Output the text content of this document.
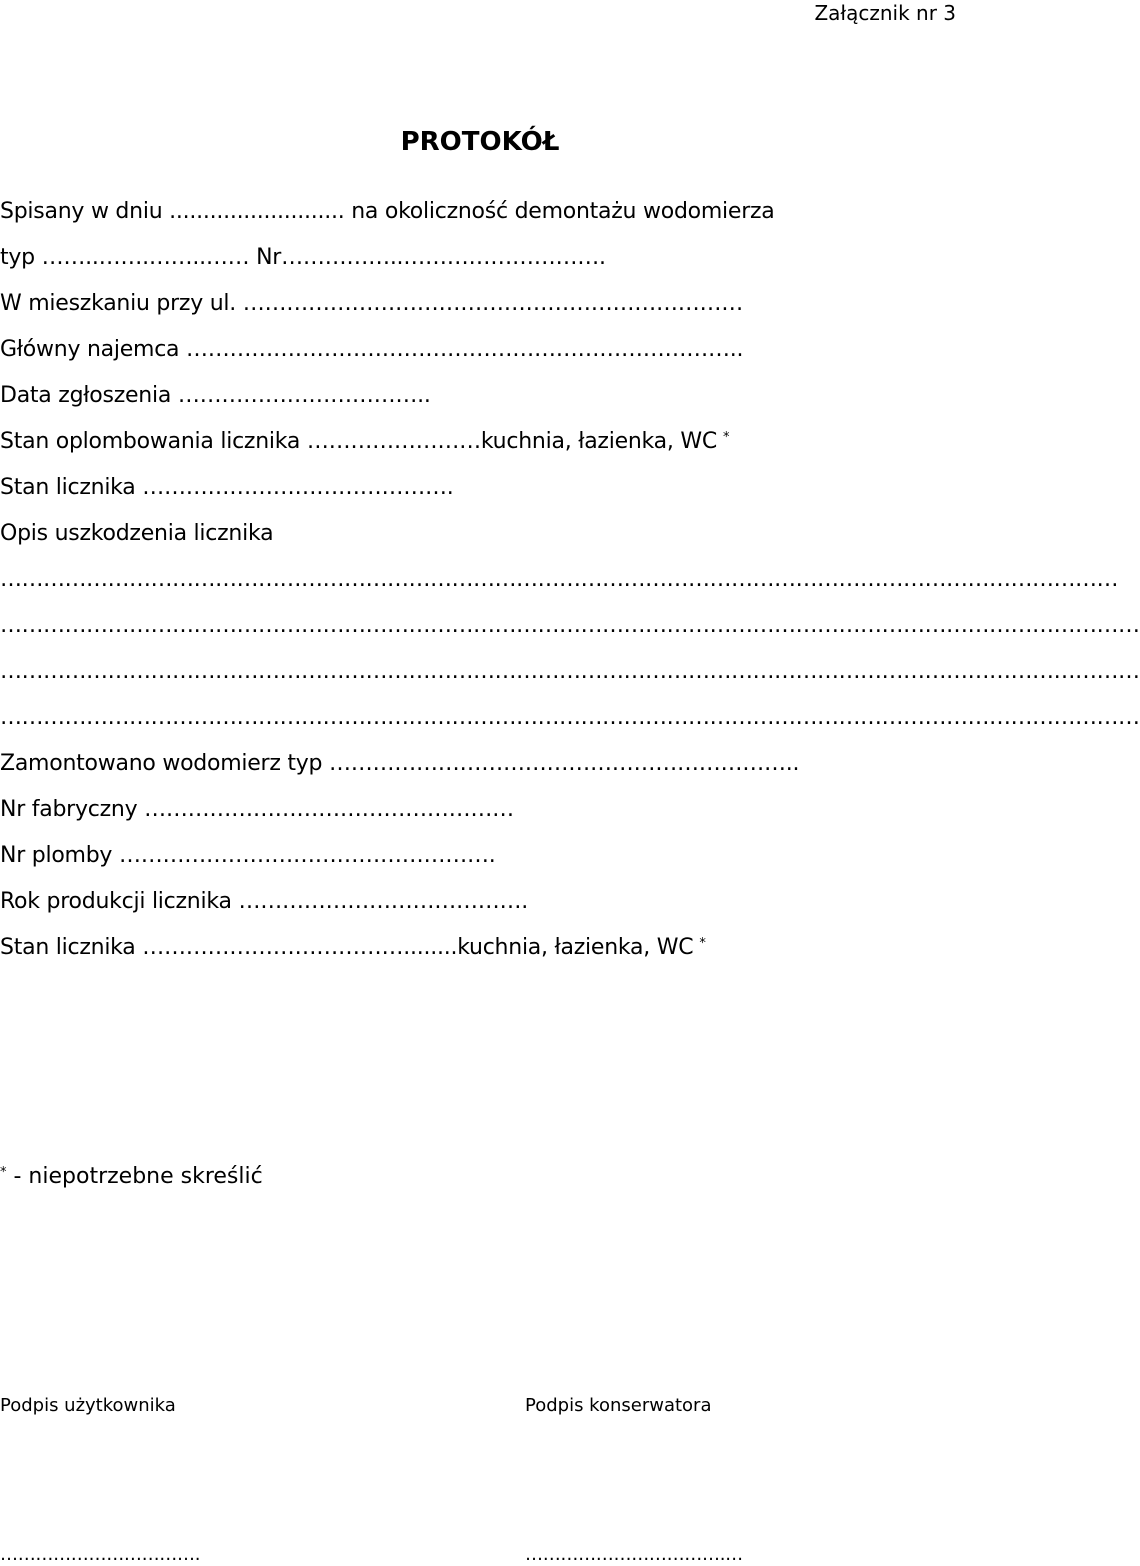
Załącznik nr 3
PROTOKÓŁ
Spisany w dniu .......................... na okoliczność demontażu wodomierza
typ ……..…….……..…… Nr……………..……………………….
W mieszkaniu przy ul. ……………………………………………………………
Główny najemca …………………………………………………………………..
Data zgłoszenia ……………………………..
Stan oplombowania licznika ……………………kuchnia, łazienka, WC *
Stan licznika …………………………………….
Opis uszkodzenia licznika
…………………………………………………………………………………………………………………………………………
……………………………………………………………………………………………………………………………………………
……………………………………………………………………………………………………………………………………………
……………………………………………………………………………………………………………………………………………
Zamontowano wodomierz typ ………………………………………………………..
Nr fabryczny ……………………………………………
Nr plomby …………………………………………….
Rok produkcji licznika ………………………………….
Stan licznika ………………………………........kuchnia, łazienka, WC *
* - niepotrzebne skreślić
Podpis użytkownika	Podpis konserwatora
…………………………….	…………………………….…
